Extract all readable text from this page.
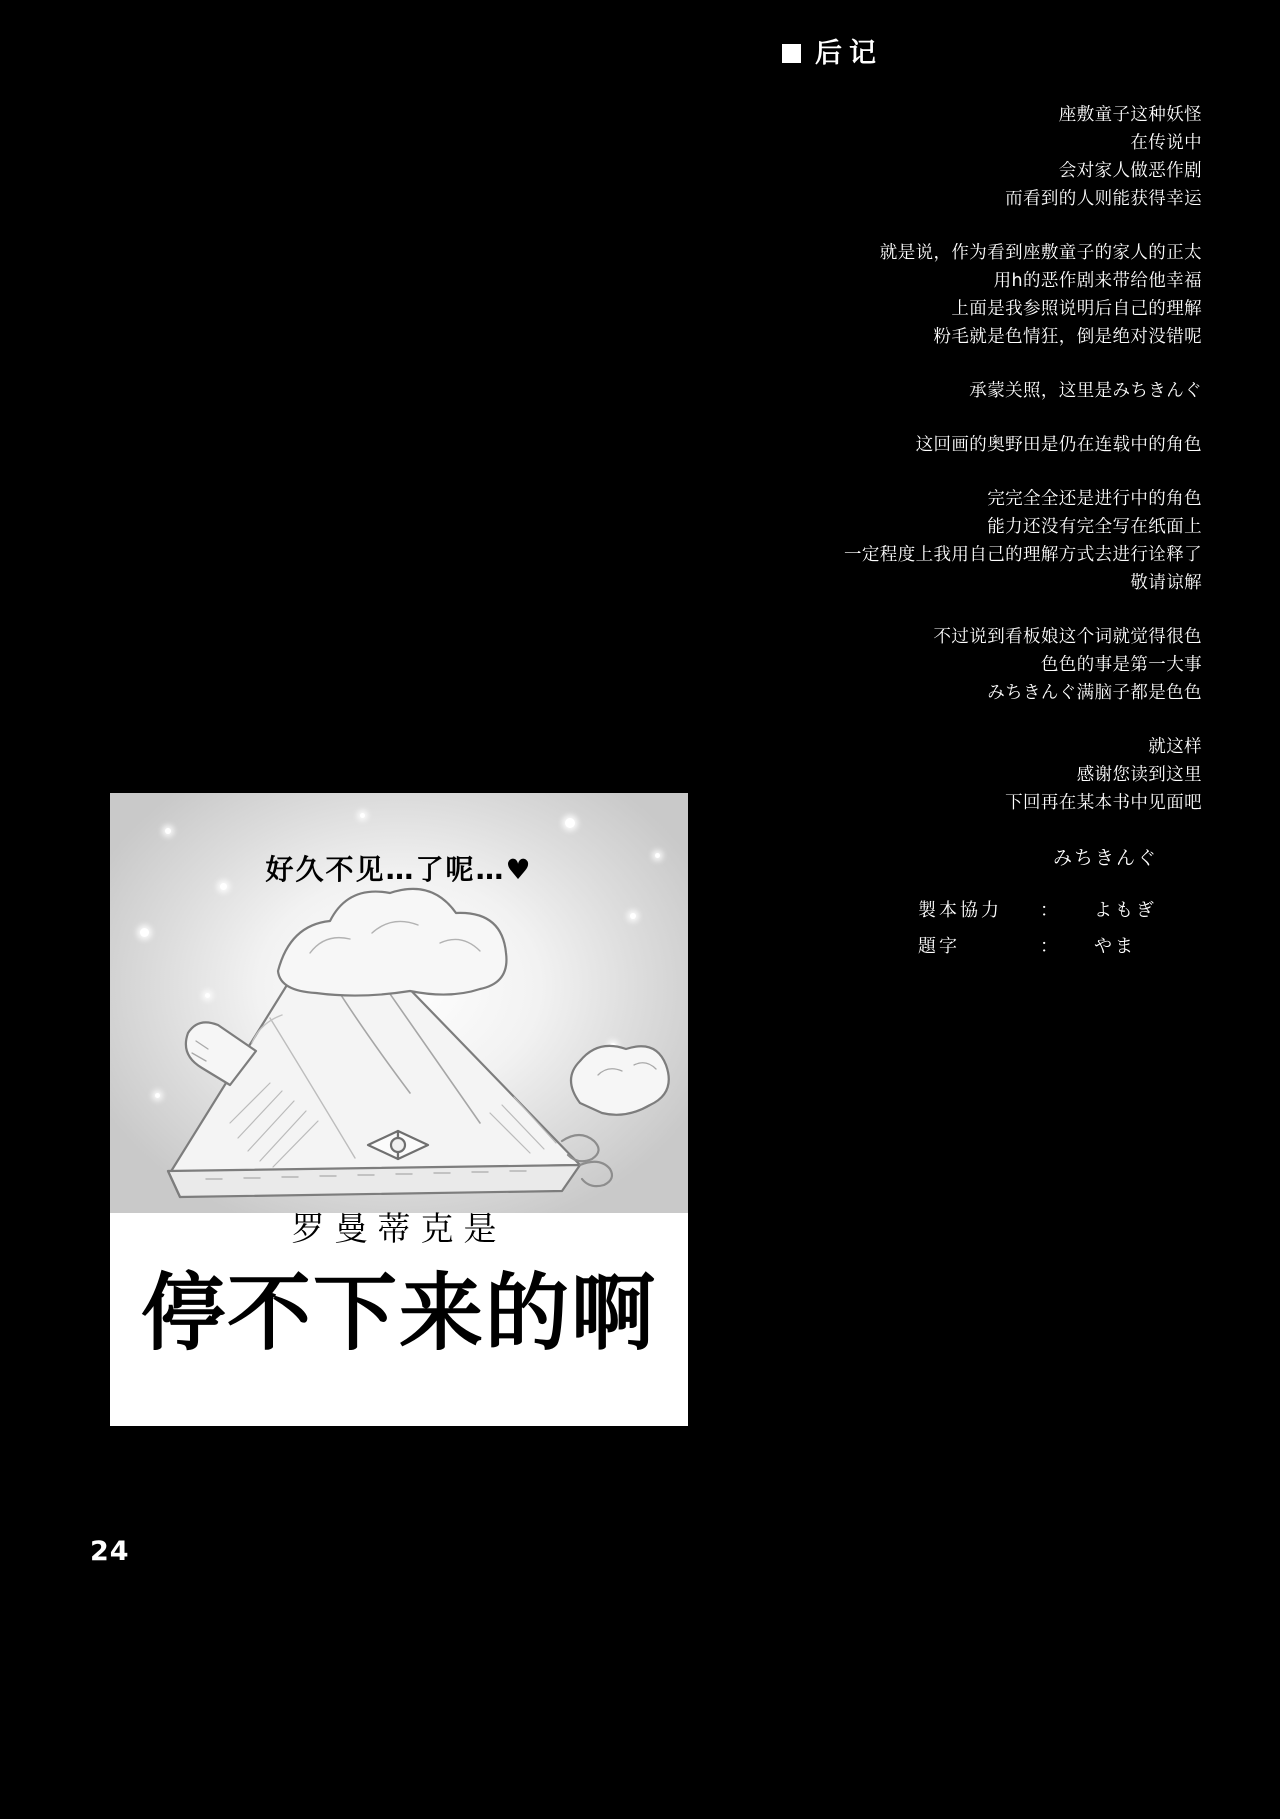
后记
座敷童子这种妖怪
在传说中
会对家人做恶作剧
而看到的人则能获得幸运
就是说，作为看到座敷童子的家人的正太
用h的恶作剧来带给他幸福
上面是我参照说明后自己的理解
粉毛就是色情狂，倒是绝对没错呢
承蒙关照，这里是みちきんぐ
这回画的奥野田是仍在连载中的角色
完完全全还是进行中的角色
能力还没有完全写在纸面上
一定程度上我用自己的理解方式去进行诠释了
敬请谅解
不过说到看板娘这个词就觉得很色
色色的事是第一大事
みちきんぐ满脑子都是色色
就这样
感谢您读到这里
下回再在某本书中见面吧
みちきんぐ
製本協力	：	よもぎ
題字	：	やま
好久不见…了呢…♥
罗曼蒂克是
停不下来的啊
24
